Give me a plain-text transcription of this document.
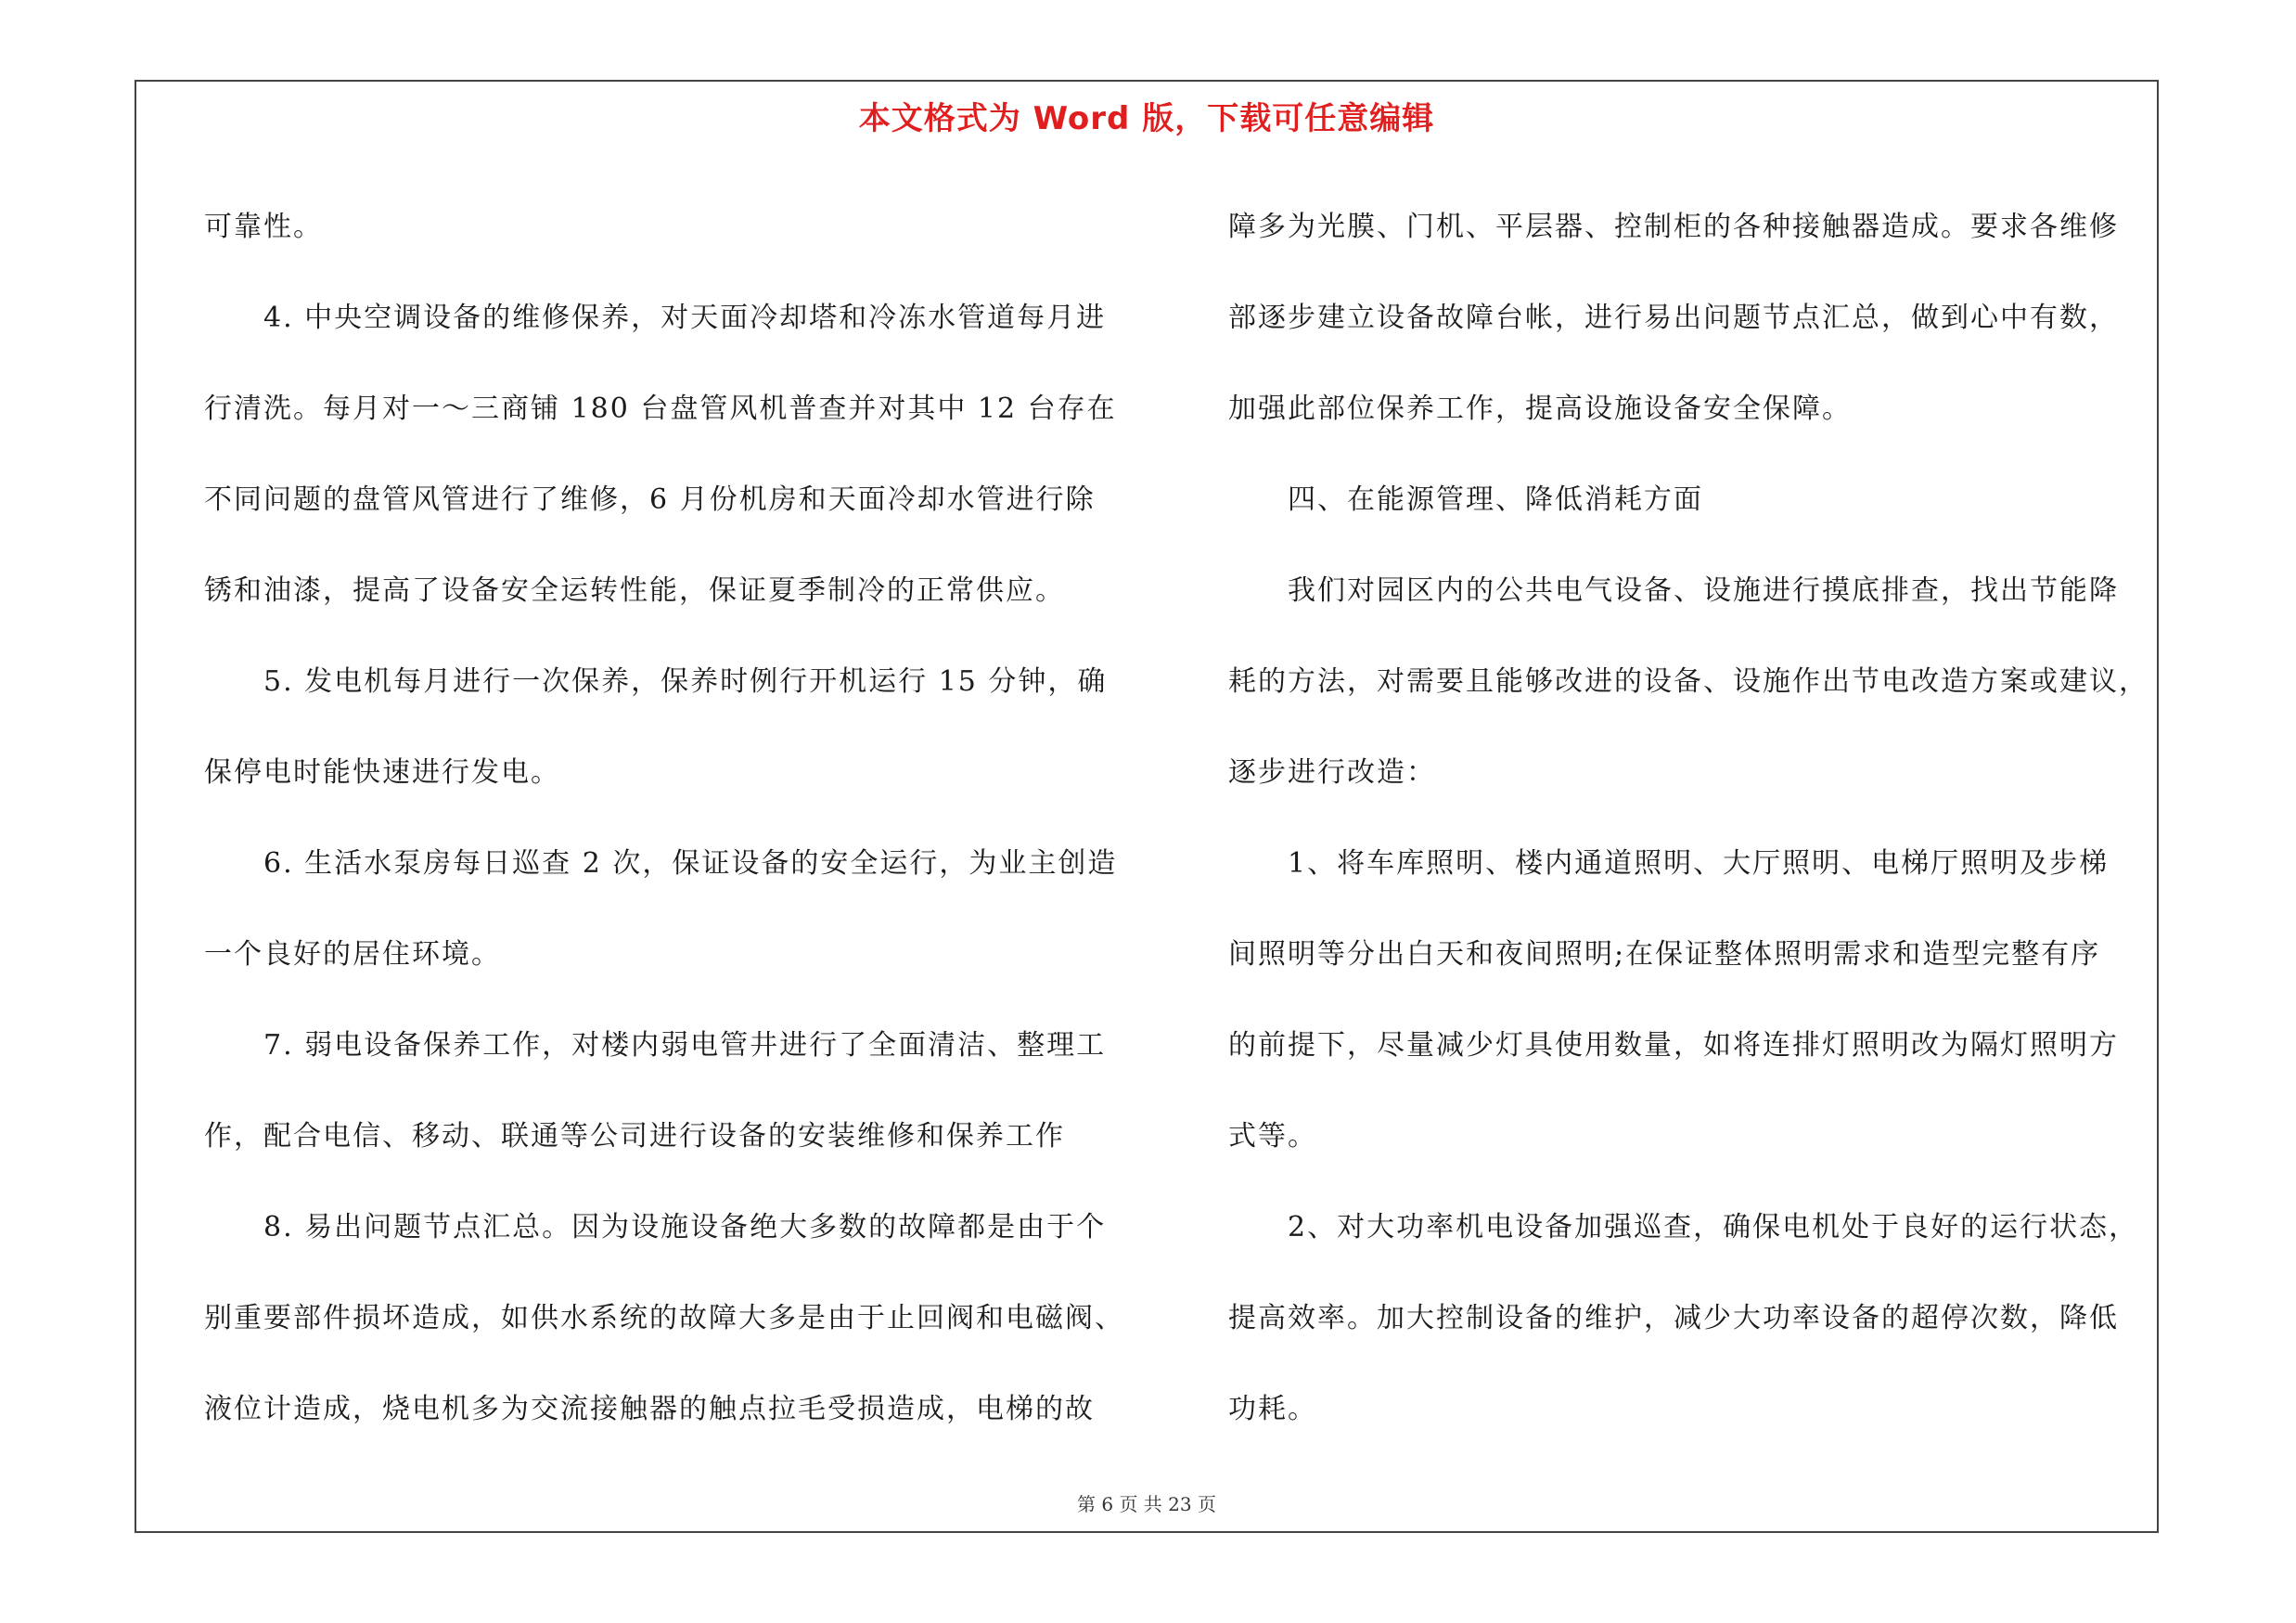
本文格式为 Word 版，下载可任意编辑

可靠性。

　　4. 中央空调设备的维修保养，对天面冷却塔和冷冻水管道每月进

行清洗。每月对一～三商铺 180 台盘管风机普查并对其中 12 台存在

不同问题的盘管风管进行了维修，6 月份机房和天面冷却水管进行除

锈和油漆，提高了设备安全运转性能，保证夏季制冷的正常供应。

　　5. 发电机每月进行一次保养，保养时例行开机运行 15 分钟，确

保停电时能快速进行发电。

　　6. 生活水泵房每日巡查 2 次，保证设备的安全运行，为业主创造

一个良好的居住环境。

　　7. 弱电设备保养工作，对楼内弱电管井进行了全面清洁、整理工

作，配合电信、移动、联通等公司进行设备的安装维修和保养工作

　　8. 易出问题节点汇总。因为设施设备绝大多数的故障都是由于个

别重要部件损坏造成，如供水系统的故障大多是由于止回阀和电磁阀、

液位计造成，烧电机多为交流接触器的触点拉毛受损造成，电梯的故

障多为光膜、门机、平层器、控制柜的各种接触器造成。要求各维修

部逐步建立设备故障台帐，进行易出问题节点汇总，做到心中有数，

加强此部位保养工作，提高设施设备安全保障。

　　四、在能源管理、降低消耗方面

　　我们对园区内的公共电气设备、设施进行摸底排查，找出节能降

耗的方法，对需要且能够改进的设备、设施作出节电改造方案或建议，

逐步进行改造：

　　1、将车库照明、楼内通道照明、大厅照明、电梯厅照明及步梯

间照明等分出白天和夜间照明;在保证整体照明需求和造型完整有序

的前提下，尽量减少灯具使用数量，如将连排灯照明改为隔灯照明方

式等。

　　2、对大功率机电设备加强巡查，确保电机处于良好的运行状态，

提高效率。加大控制设备的维护，减少大功率设备的超停次数，降低

功耗。

第 6 页 共 23 页
